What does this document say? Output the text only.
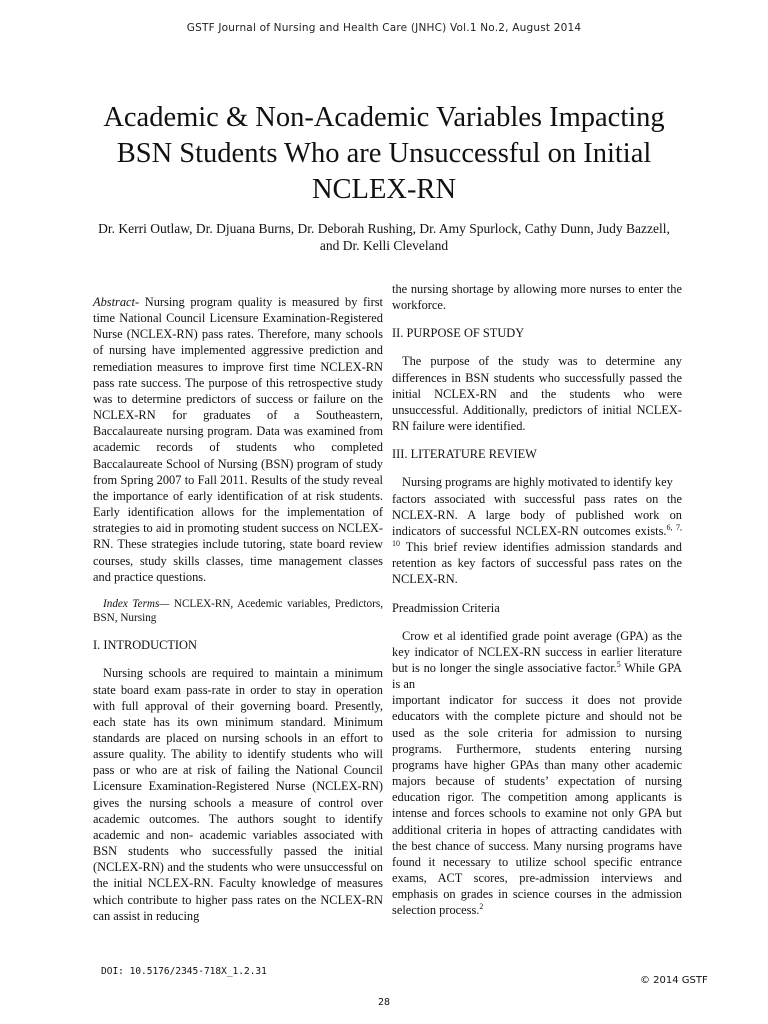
GSTF Journal of Nursing and Health Care (JNHC) Vol.1 No.2, August 2014
Academic & Non-Academic Variables Impacting BSN Students Who are Unsuccessful on Initial NCLEX-RN
Dr. Kerri Outlaw, Dr. Djuana Burns, Dr. Deborah Rushing, Dr. Amy Spurlock, Cathy Dunn, Judy Bazzell, and Dr. Kelli Cleveland

Abstract- Nursing program quality is measured by first time National Council Licensure Examination-Registered Nurse (NCLEX-RN) pass rates. Therefore, many schools of nursing have implemented aggressive prediction and remediation measures to improve first time NCLEX-RN pass rate success. The purpose of this retrospective study was to determine predictors of success or failure on the NCLEX-RN for graduates of a Southeastern, Baccalaureate nursing program. Data was examined from academic records of students who completed Baccalaureate School of Nursing (BSN) program of study from Spring 2007 to Fall 2011. Results of the study reveal the importance of early identification of at risk students. Early identification allows for the implementation of strategies to aid in promoting student success on NCLEX-RN. These strategies include tutoring, state board review courses, study skills classes, time management classes and practice questions.

Index Terms— NCLEX-RN, Acedemic variables, Predictors, BSN, Nursing

I. INTRODUCTION

Nursing schools are required to maintain a minimum state board exam pass-rate in order to stay in operation with full approval of their governing board. Presently, each state has its own minimum standard. Minimum standards are placed on nursing schools in an effort to assure quality. The ability to identify students who will pass or who are at risk of failing the National Council Licensure Examination-Registered Nurse (NCLEX-RN) gives the nursing schools a measure of control over academic outcomes. The authors sought to identify academic and non- academic variables associated with BSN students who successfully passed the initial (NCLEX-RN) and the students who were unsuccessful on the initial NCLEX-RN. Faculty knowledge of measures which contribute to higher pass rates on the NCLEX-RN can assist in reducing

the nursing shortage by allowing more nurses to enter the workforce.

II. PURPOSE OF STUDY

The purpose of the study was to determine any differences in BSN students who successfully passed the initial NCLEX-RN and the students who were unsuccessful. Additionally, predictors of initial NCLEX-RN failure were identified.

III. LITERATURE REVIEW

Nursing programs are highly motivated to identify key

factors associated with successful pass rates on the NCLEX-RN. A large body of published work on indicators of successful NCLEX-RN outcomes exists.$^{6, 7, 10}$ This brief review identifies admission standards and retention as key factors of successful pass rates on the NCLEX-RN.

Preadmission Criteria

Crow et al identified grade point average (GPA) as the key indicator of NCLEX-RN success in earlier literature but is no longer the single associative factor.$^5$ While GPA is an

important indicator for success it does not provide educators with the complete picture and should not be used as the sole criteria for admission to nursing programs. Furthermore, students entering nursing programs have higher GPAs than many other academic majors because of students’ expectation of nursing education rigor. The competition among applicants is intense and forces schools to examine not only GPA but additional criteria in hopes of attracting candidates with the best chance of success. Many nursing programs have found it necessary to utilize school specific entrance exams, ACT scores, pre-admission interviews and emphasis on grades in science courses in the admission selection process.$^2$

DOI: 10.5176/2345-718X_1.2.31
© 2014 GSTF
28
